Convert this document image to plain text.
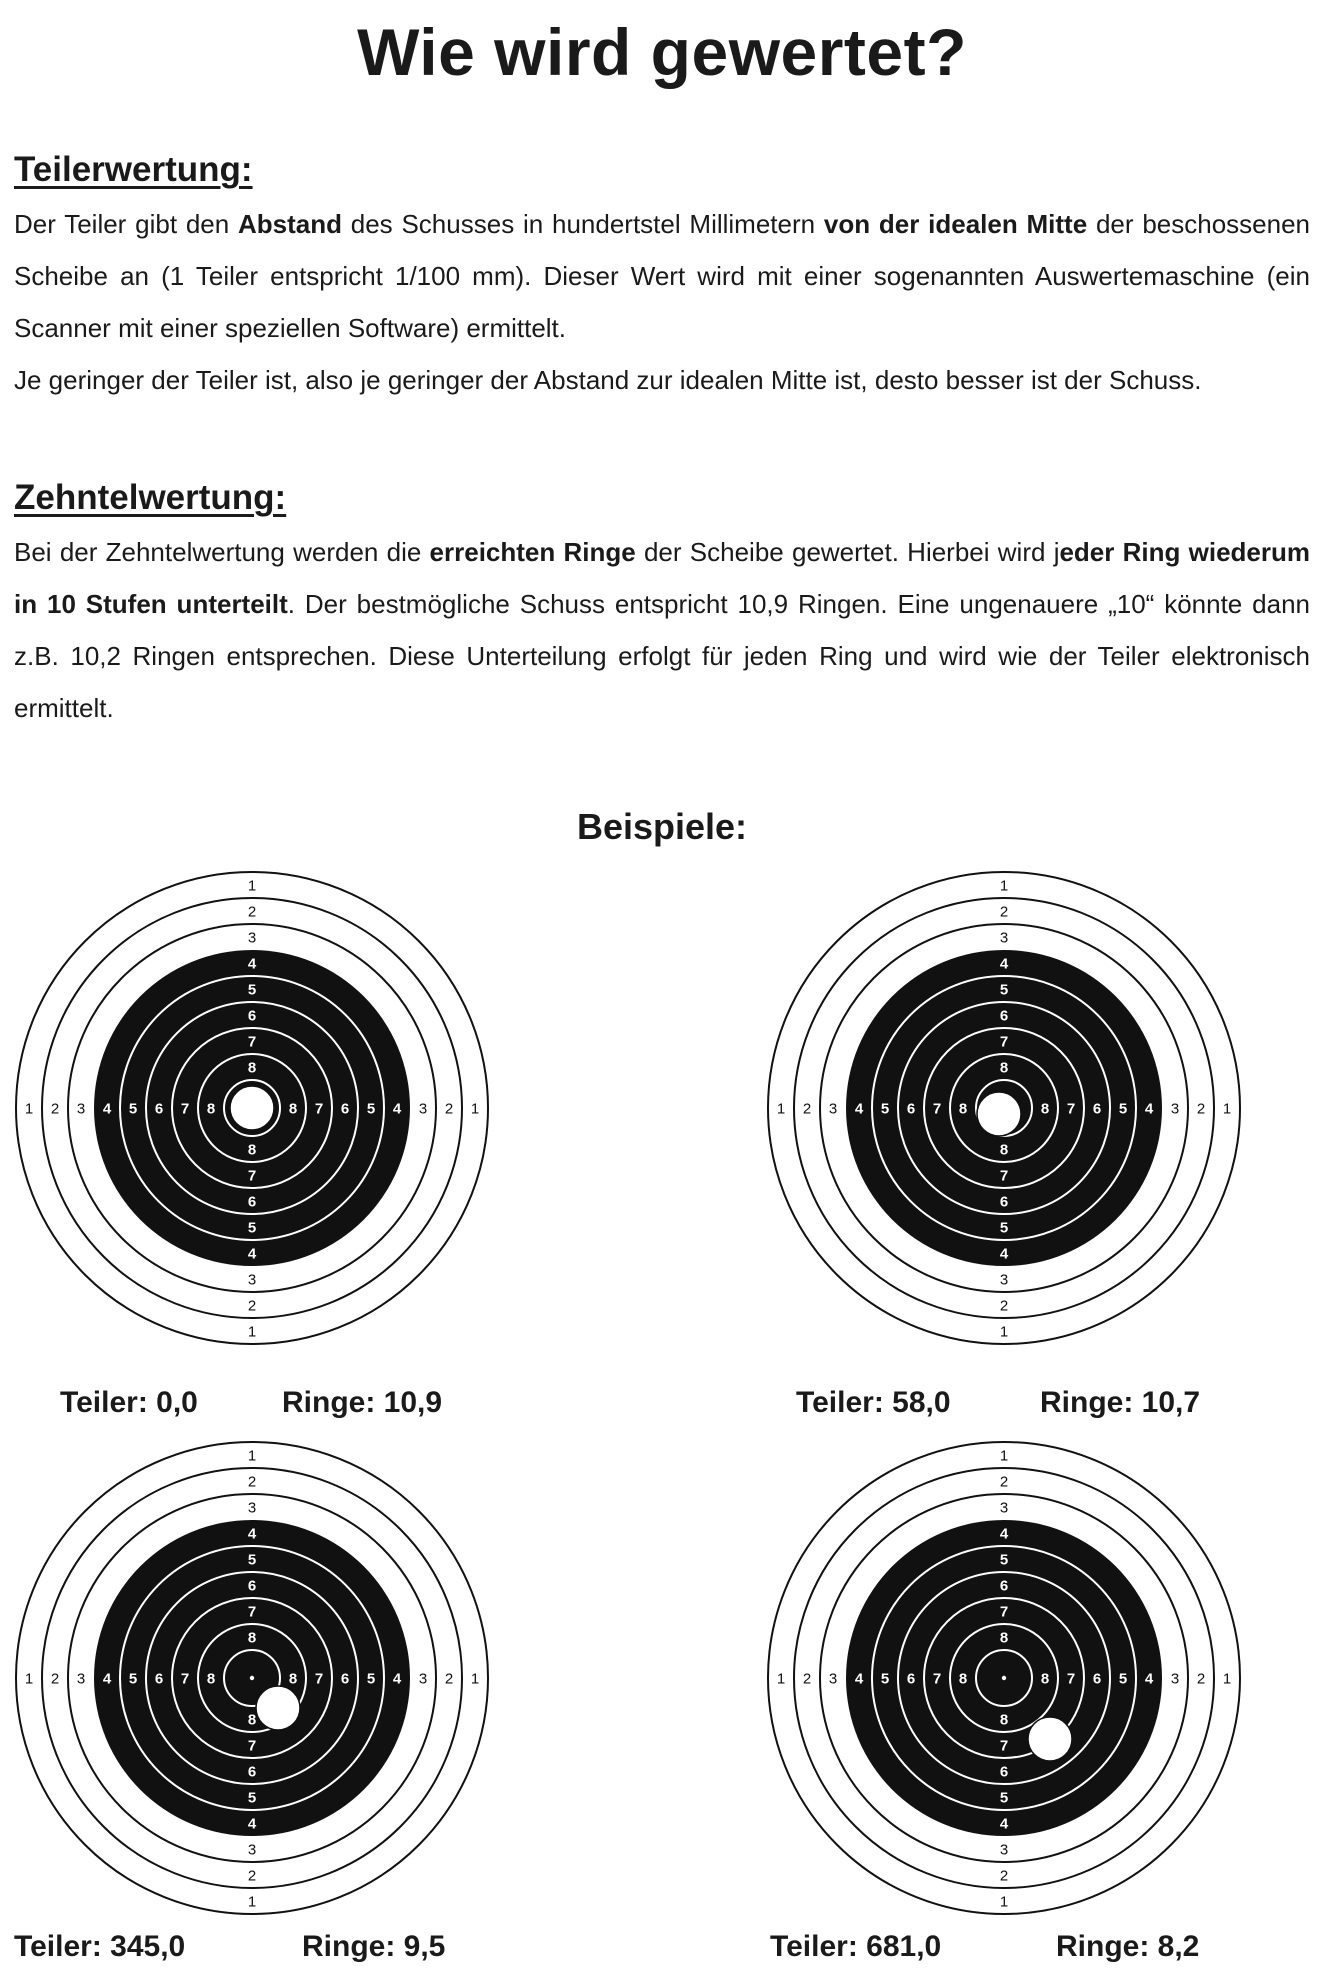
Wie wird gewertet?
Teilerwertung:

Der Teiler gibt den Abstand des Schusses in hundertstel Millimetern von der idealen Mitte der beschossenen Scheibe an (1 Teiler entspricht 1/100 mm). Dieser Wert wird mit einer sogenannten Auswertemaschine (ein Scanner mit einer speziellen Software) ermittelt.

Je geringer der Teiler ist, also je geringer der Abstand zur idealen Mitte ist, desto besser ist der Schuss.

Zehntelwertung:

Bei der Zehntelwertung werden die erreichten Ringe der Scheibe gewertet. Hierbei wird jeder Ring wiederum in 10 Stufen unterteilt. Der bestmögliche Schuss entspricht 10,9 Ringen. Eine ungenauere „10“ könnte dann z.B. 10,2 Ringen entsprechen. Diese Unterteilung erfolgt für jeden Ring und wird wie der Teiler elektronisch ermittelt.

Beispiele:
1
1
1	1
2
2
2	2
3
3
3	3
4
4
4	4
5
5
5	5
6
6
6	6
7
7
7	7
8
8
8	8
1
1
1	1
2
2
2	2
3
3
3	3
4
4
4	4
5
5
5	5
6
6
6	6
7
7
7	7
8
8
8	8
1
1
1	1
2
2
2	2
3
3
3	3
4
4
4	4
5
5
5	5
6
6
6	6
7
7
7	7
8
8
8	8
1
1
1	1
2
2
2	2
3
3
3	3
4
4
4	4
5
5
5	5
6
6
6	6
7
7
7	7
8
8
8	8
Teiler: 0,0	Ringe: 10,9	Teiler: 58,0	Ringe: 10,7
Teiler: 345,0	Ringe: 9,5	Teiler: 681,0	Ringe: 8,2
